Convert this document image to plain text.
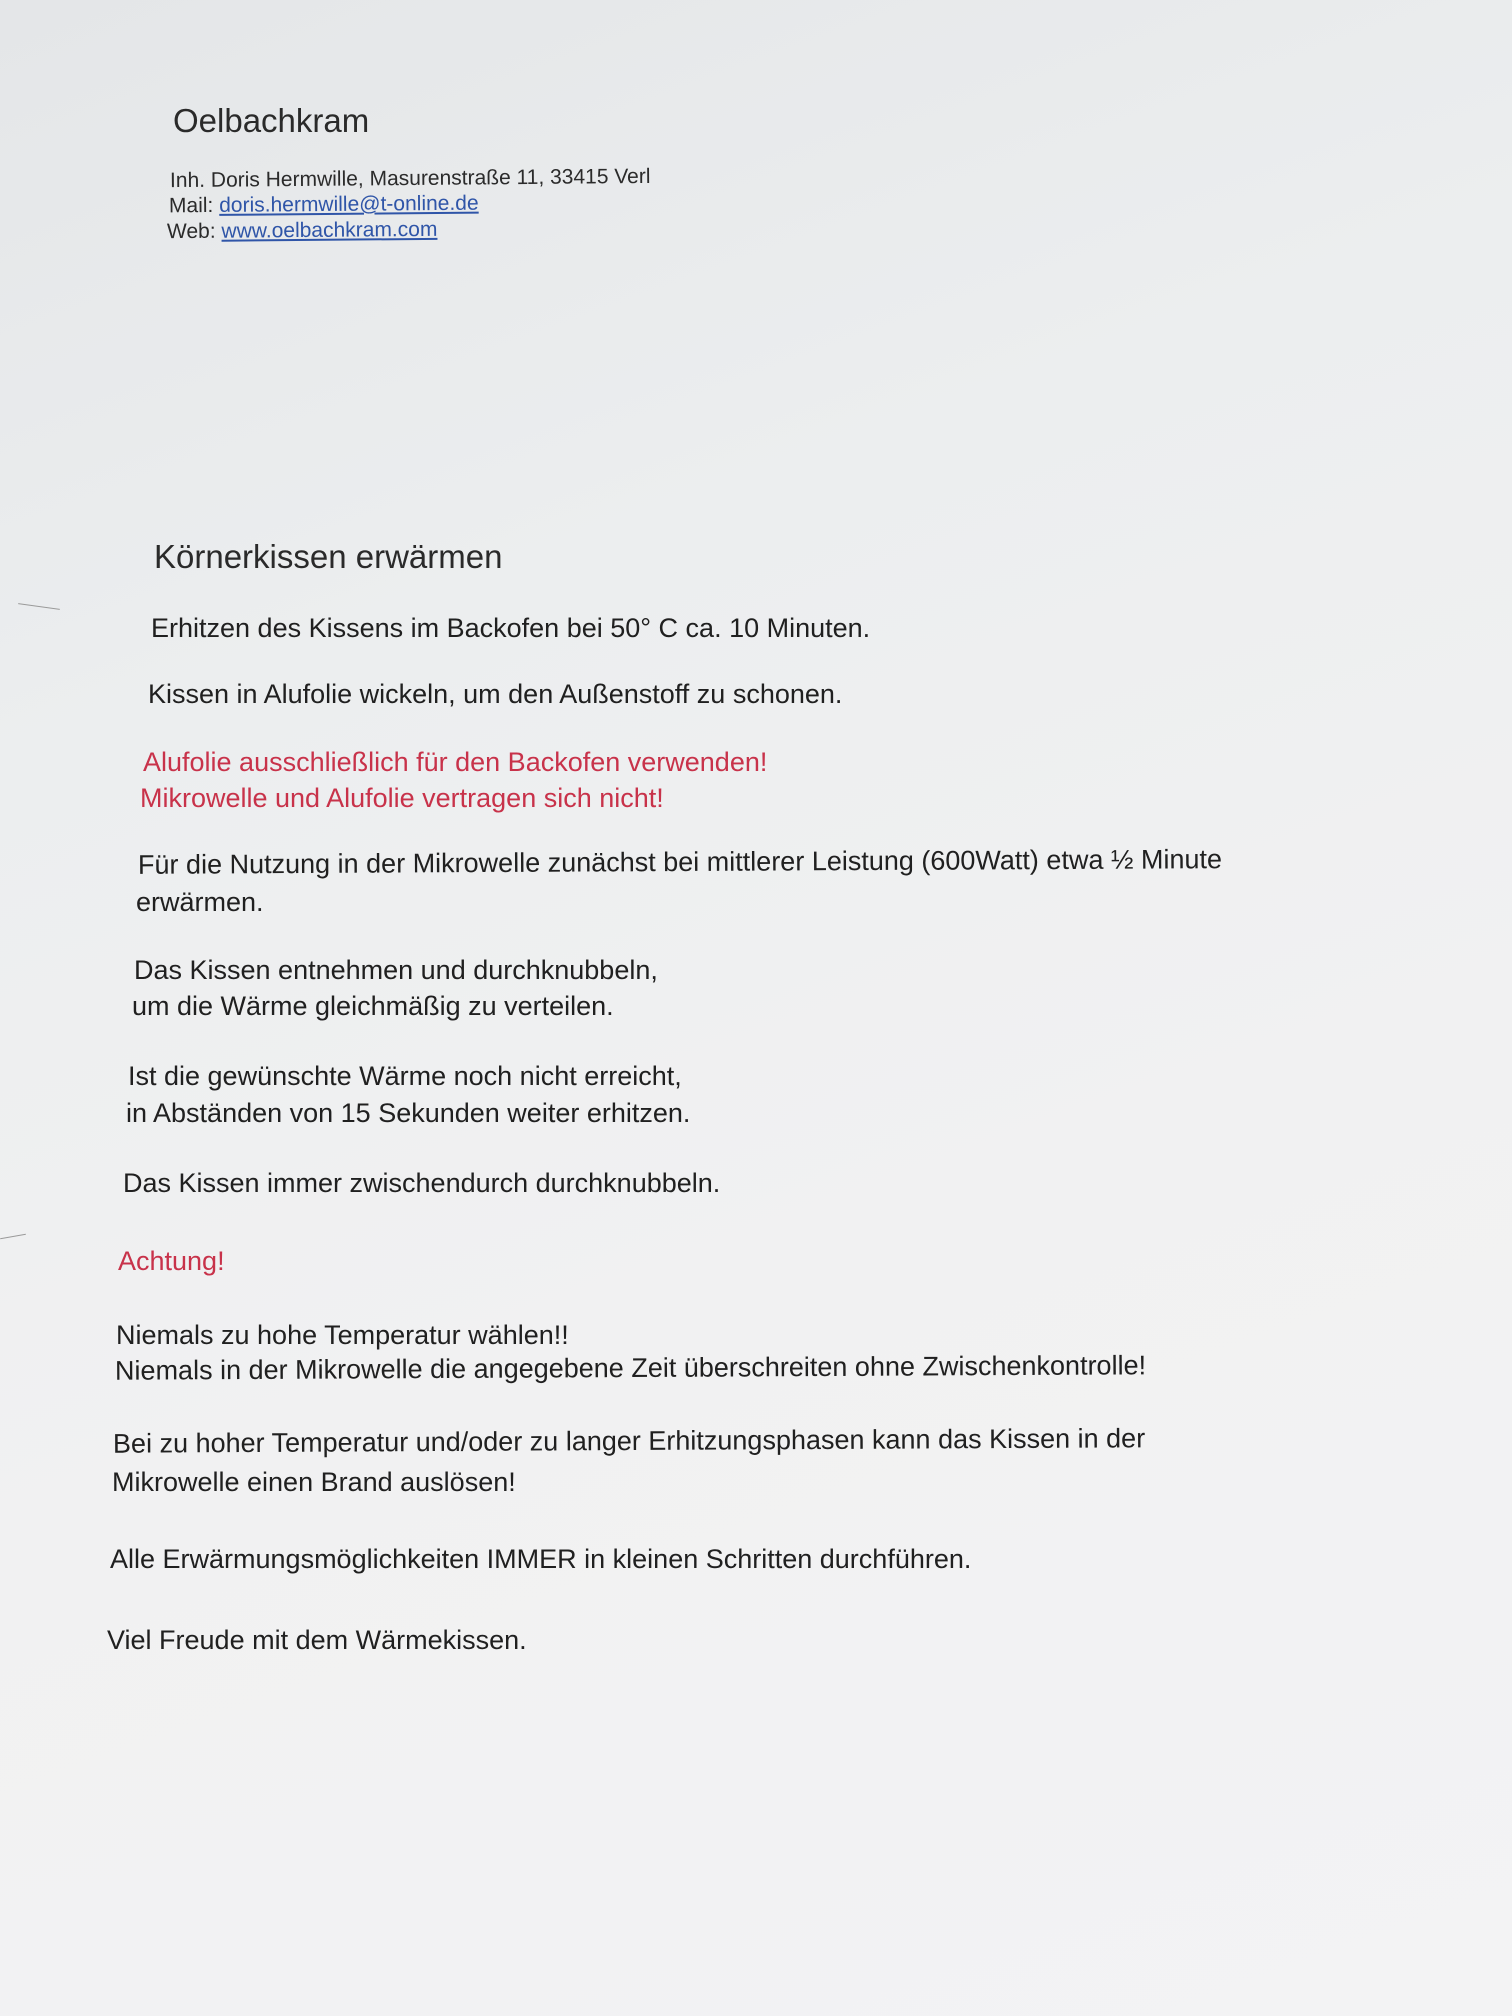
Oelbachkram
Inh. Doris Hermwille, Masurenstraße 11, 33415 Verl
Mail: doris.hermwille@t-online.de
Web: www.oelbachkram.com
Körnerkissen erwärmen
Erhitzen des Kissens im Backofen bei 50° C ca. 10 Minuten.
Kissen in Alufolie wickeln, um den Außenstoff zu schonen.
Alufolie ausschließlich für den Backofen verwenden!
Mikrowelle und Alufolie vertragen sich nicht!
Für die Nutzung in der Mikrowelle zunächst bei mittlerer Leistung (600Watt) etwa ½ Minute
erwärmen.
Das Kissen entnehmen und durchknubbeln,
um die Wärme gleichmäßig zu verteilen.
Ist die gewünschte Wärme noch nicht erreicht,
in Abständen von 15 Sekunden weiter erhitzen.
Das Kissen immer zwischendurch durchknubbeln.
Achtung!
Niemals zu hohe Temperatur wählen!!
Niemals in der Mikrowelle die angegebene Zeit überschreiten ohne Zwischenkontrolle!
Bei zu hoher Temperatur und/oder zu langer Erhitzungsphasen kann das Kissen in der
Mikrowelle einen Brand auslösen!
Alle Erwärmungsmöglichkeiten IMMER in kleinen Schritten durchführen.
Viel Freude mit dem Wärmekissen.
